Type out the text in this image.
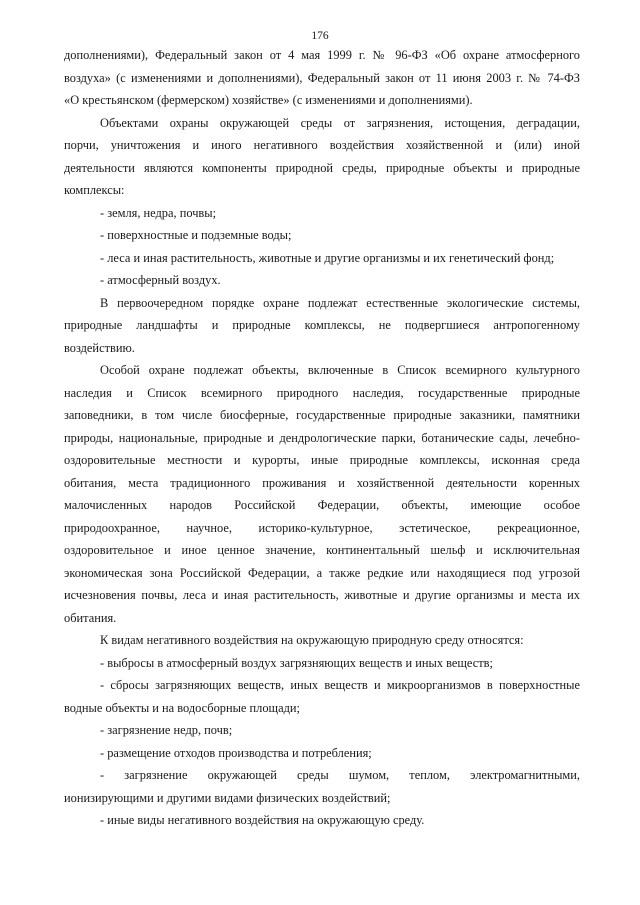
176
дополнениями), Федеральный закон от 4 мая 1999 г. № 96-ФЗ «Об охране атмосферного
воздуха» (с изменениями и дополнениями), Федеральный закон от 11 июня 2003 г. № 74-ФЗ
«О крестьянском (фермерском) хозяйстве» (с изменениями и дополнениями).
Объектами охраны окружающей среды от загрязнения, истощения, деградации,
порчи, уничтожения и иного негативного воздействия хозяйственной и (или) иной
деятельности являются компоненты природной среды, природные объекты и природные
комплексы:
- земля, недра, почвы;
- поверхностные и подземные воды;
- леса и иная растительность, животные и другие организмы и их генетический фонд;
- атмосферный воздух.
В первоочередном порядке охране подлежат естественные экологические системы,
природные ландшафты и природные комплексы, не подвергшиеся антропогенному
воздействию.
Особой охране подлежат объекты, включенные в Список всемирного культурного
наследия и Список всемирного природного наследия, государственные природные
заповедники, в том числе биосферные, государственные природные заказники, памятники
природы, национальные, природные и дендрологические парки, ботанические сады, лечебно-
оздоровительные местности и курорты, иные природные комплексы, исконная среда
обитания, места традиционного проживания и хозяйственной деятельности коренных
малочисленных народов Российской Федерации, объекты, имеющие особое
природоохранное, научное, историко-культурное, эстетическое, рекреационное,
оздоровительное и иное ценное значение, континентальный шельф и исключительная
экономическая зона Российской Федерации, а также редкие или находящиеся под угрозой
исчезновения почвы, леса и иная растительность, животные и другие организмы и места их
обитания.
К видам негативного воздействия на окружающую природную среду относятся:
- выбросы в атмосферный воздух загрязняющих веществ и иных веществ;
- сбросы загрязняющих веществ, иных веществ и микроорганизмов в поверхностные
водные объекты и на водосборные площади;
- загрязнение недр, почв;
- размещение отходов производства и потребления;
- загрязнение окружающей среды шумом, теплом, электромагнитными,
ионизирующими и другими видами физических воздействий;
- иные виды негативного воздействия на окружающую среду.
